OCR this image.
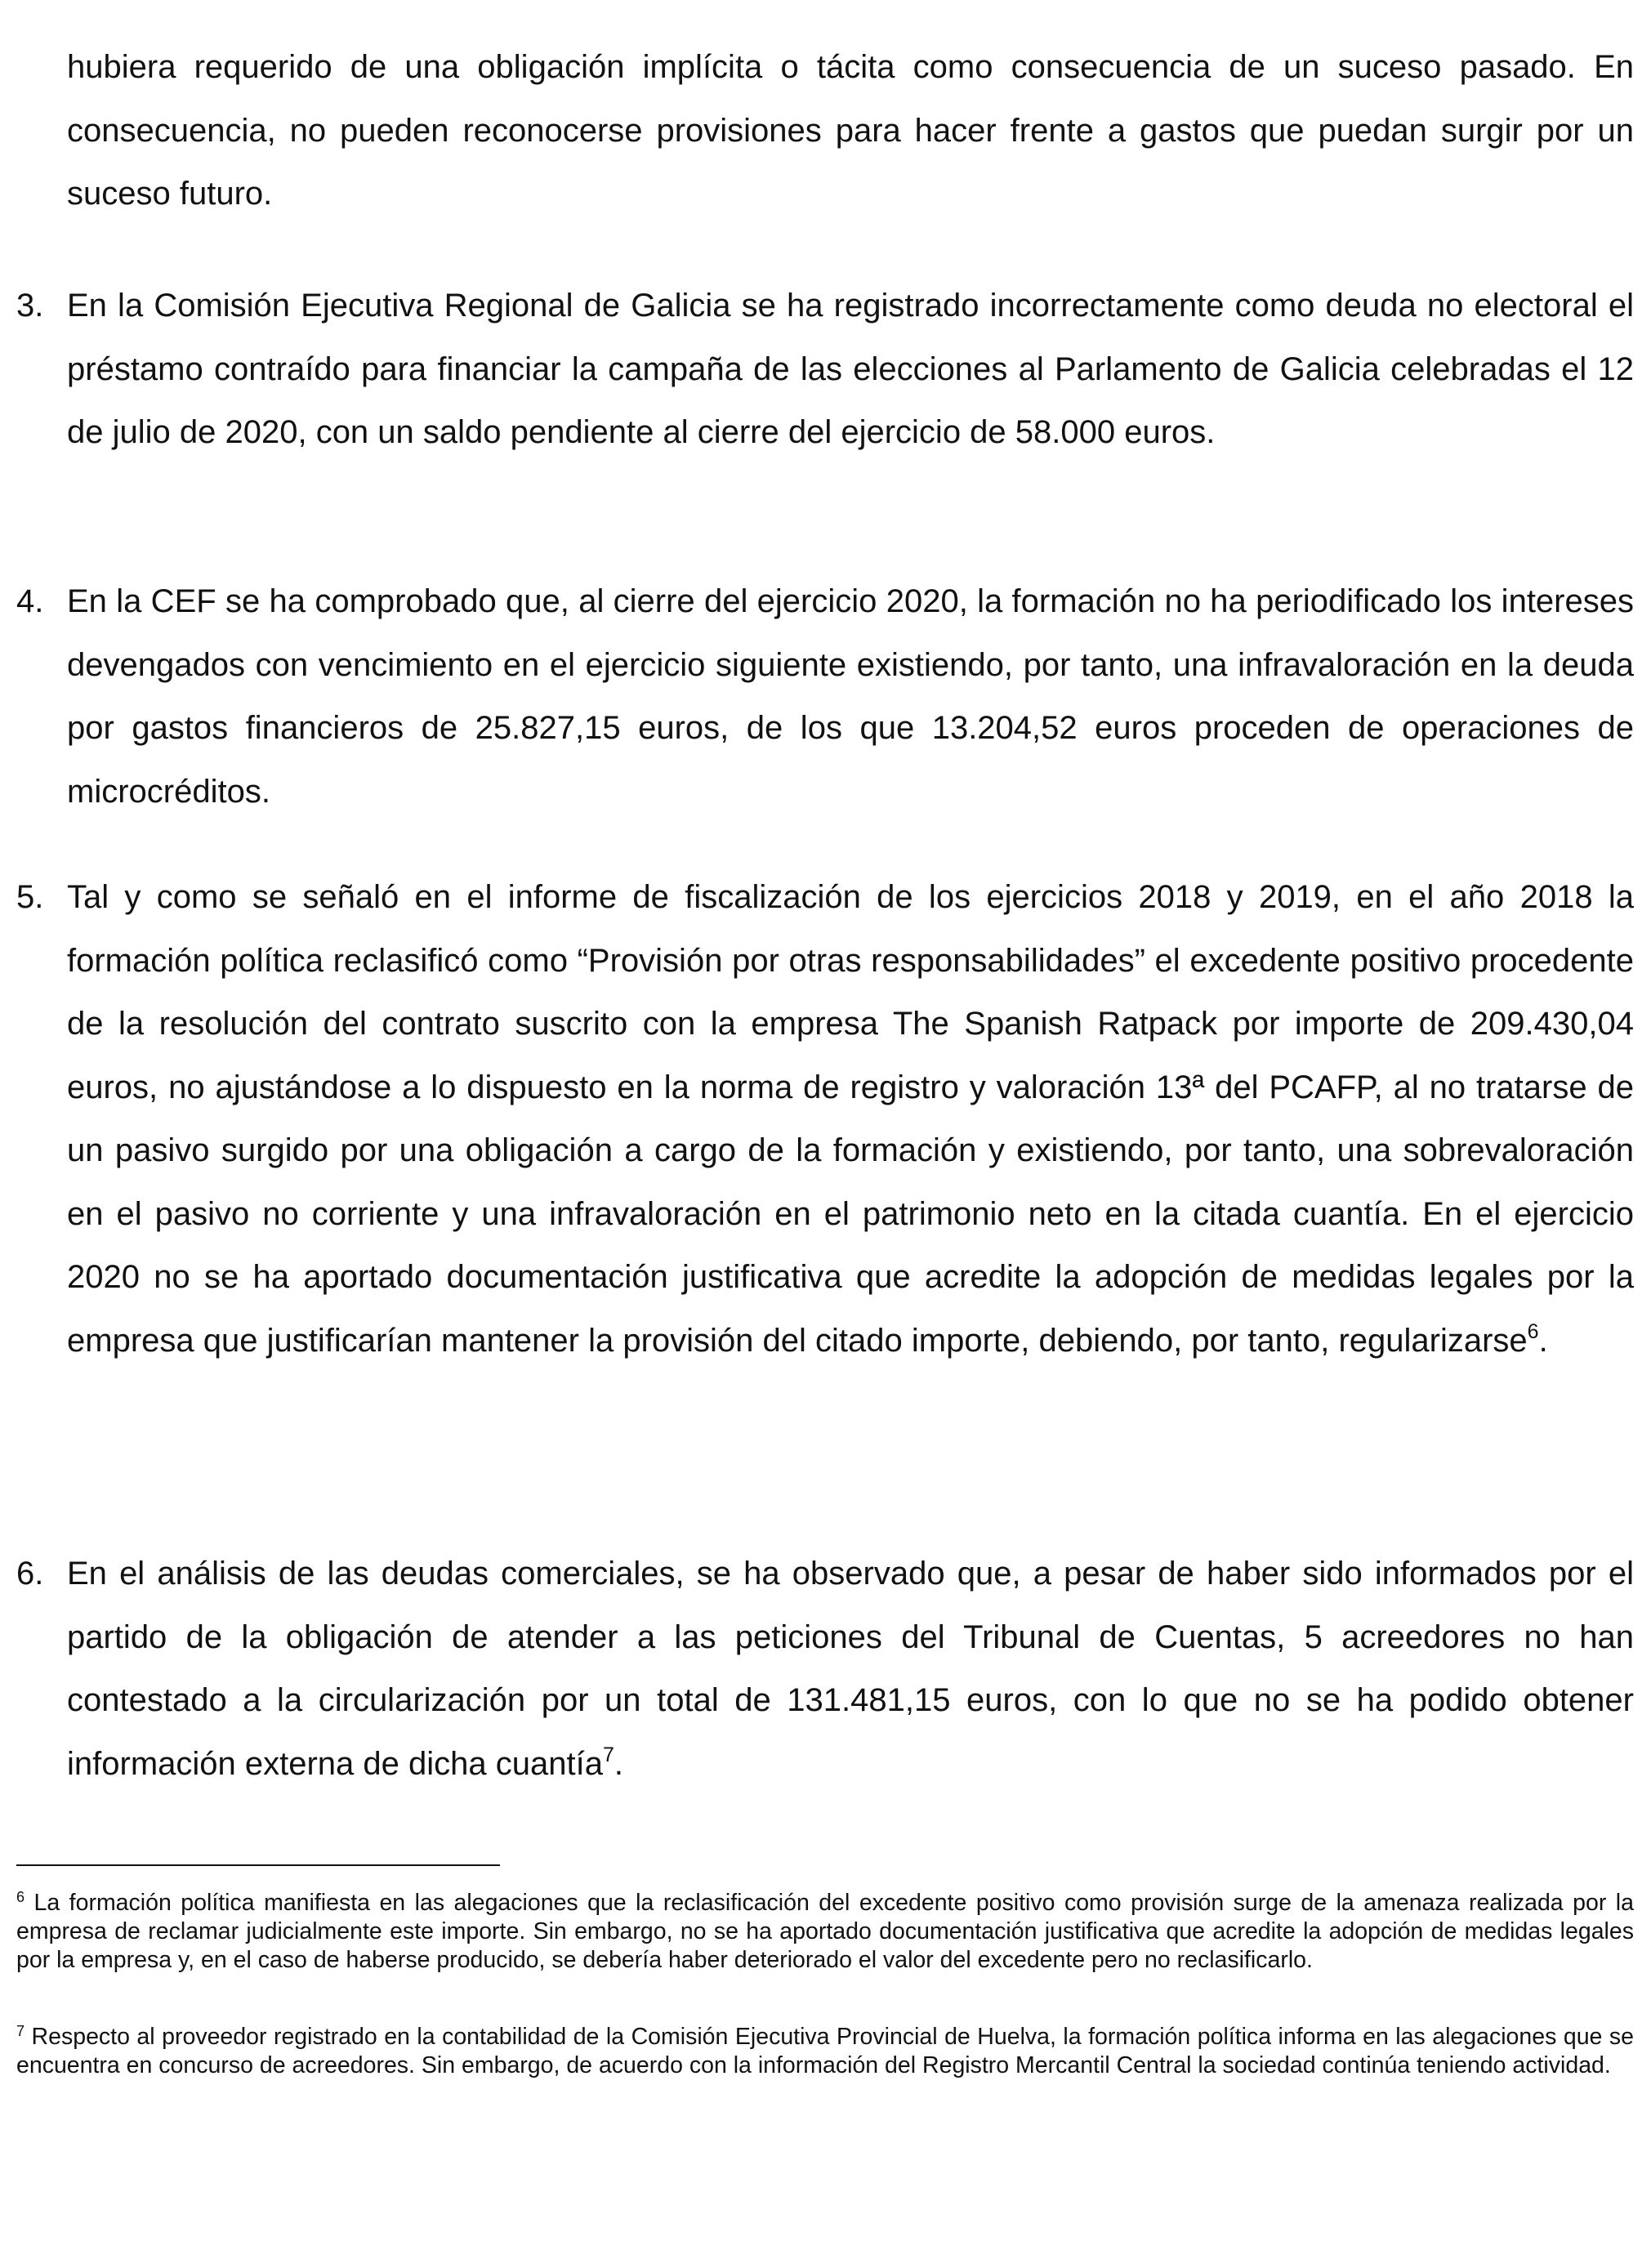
hubiera requerido de una obligación implícita o tácita como consecuencia de un suceso pasado. En consecuencia, no pueden reconocerse provisiones para hacer frente a gastos que puedan surgir por un suceso futuro.

3. En la Comisión Ejecutiva Regional de Galicia se ha registrado incorrectamente como deuda no electoral el préstamo contraído para financiar la campaña de las elecciones al Parlamento de Galicia celebradas el 12 de julio de 2020, con un saldo pendiente al cierre del ejercicio de 58.000 euros.

4. En la CEF se ha comprobado que, al cierre del ejercicio 2020, la formación no ha periodificado los intereses devengados con vencimiento en el ejercicio siguiente existiendo, por tanto, una infravaloración en la deuda por gastos financieros de 25.827,15 euros, de los que 13.204,52 euros proceden de operaciones de microcréditos.

5. Tal y como se señaló en el informe de fiscalización de los ejercicios 2018 y 2019, en el año 2018 la formación política reclasificó como “Provisión por otras responsabilidades” el excedente positivo procedente de la resolución del contrato suscrito con la empresa The Spanish Ratpack por importe de 209.430,04 euros, no ajustándose a lo dispuesto en la norma de registro y valoración 13ª del PCAFP, al no tratarse de un pasivo surgido por una obligación a cargo de la formación y existiendo, por tanto, una sobrevaloración en el pasivo no corriente y una infravaloración en el patrimonio neto en la citada cuantía. En el ejercicio 2020 no se ha aportado documentación justificativa que acredite la adopción de medidas legales por la empresa que justificarían mantener la provisión del citado importe, debiendo, por tanto, regularizarse$^6$.

6. En el análisis de las deudas comerciales, se ha observado que, a pesar de haber sido informados por el partido de la obligación de atender a las peticiones del Tribunal de Cuentas, 5 acreedores no han contestado a la circularización por un total de 131.481,15 euros, con lo que no se ha podido obtener información externa de dicha cuantía$^7$.

$^6$ La formación política manifiesta en las alegaciones que la reclasificación del excedente positivo como provisión surge de la amenaza realizada por la empresa de reclamar judicialmente este importe. Sin embargo, no se ha aportado documentación justificativa que acredite la adopción de medidas legales por la empresa y, en el caso de haberse producido, se debería haber deteriorado el valor del excedente pero no reclasificarlo.

$^7$ Respecto al proveedor registrado en la contabilidad de la Comisión Ejecutiva Provincial de Huelva, la formación política informa en las alegaciones que se encuentra en concurso de acreedores. Sin embargo, de acuerdo con la información del Registro Mercantil Central la sociedad continúa teniendo actividad.
